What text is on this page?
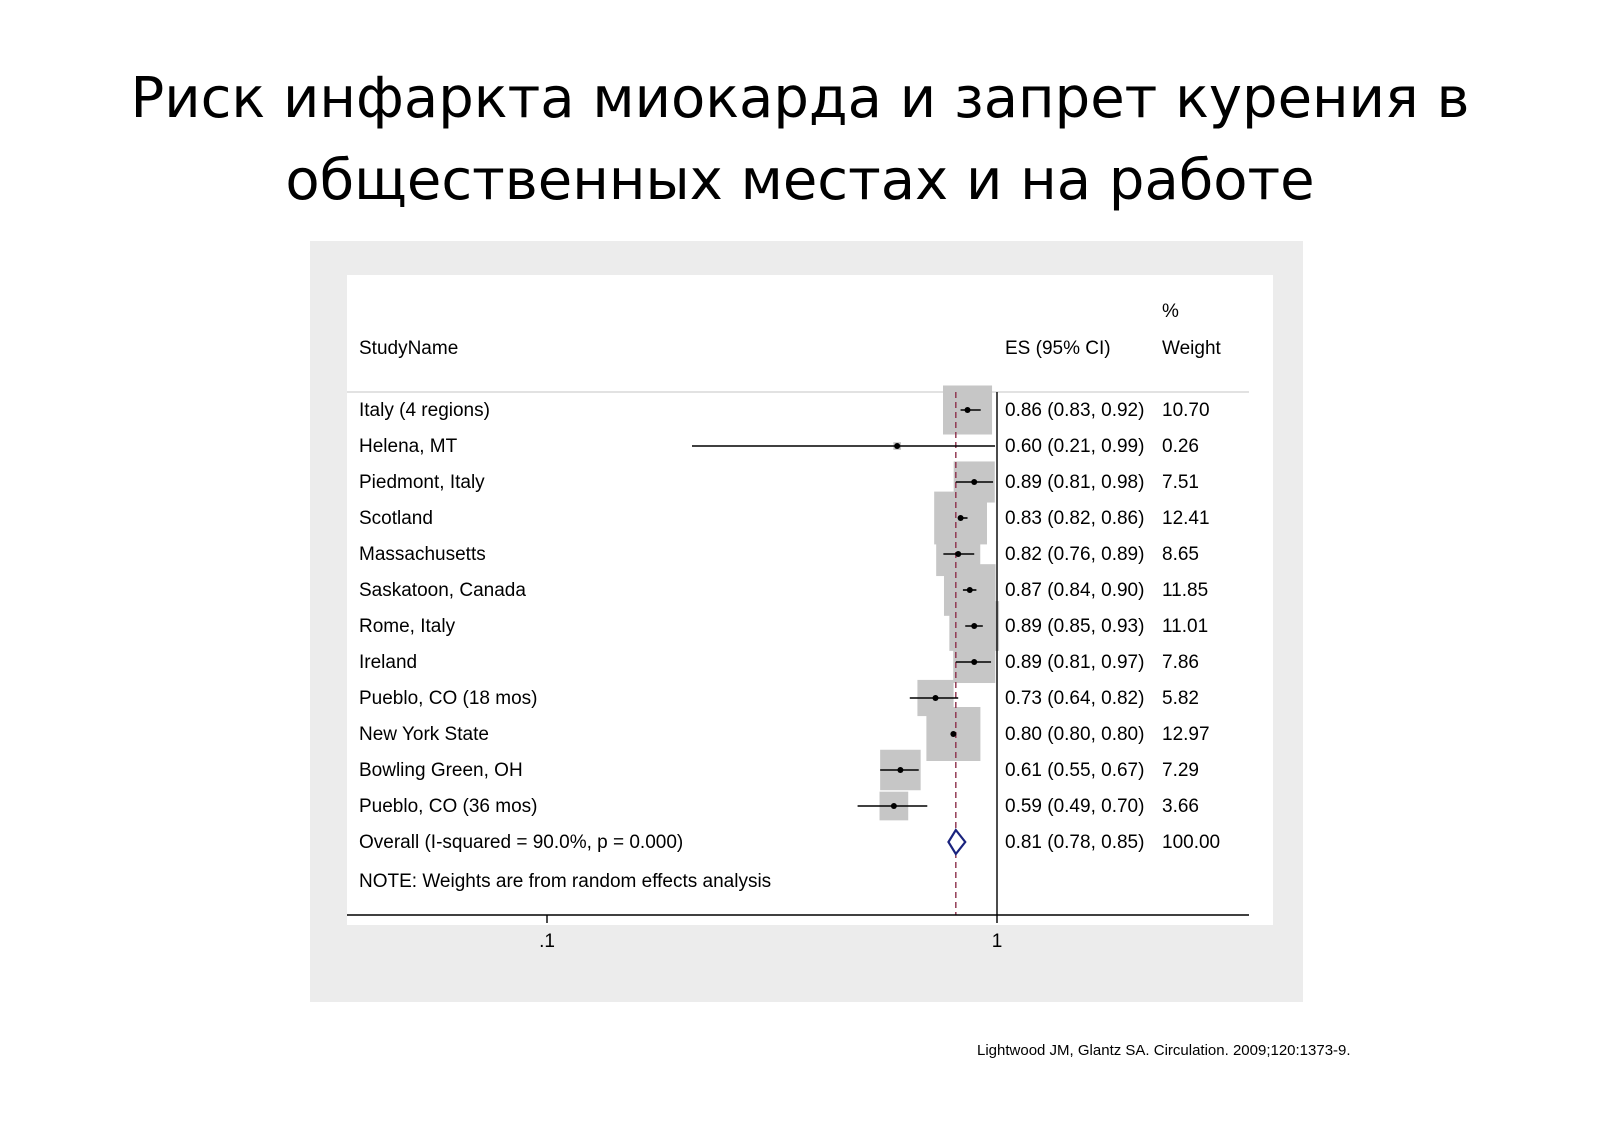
Риск инфаркта миокарда и запрет курения в
общественных местах и на работе
StudyName	ES (95% CI)
%
Weight
Italy (4 regions)	0.86 (0.83, 0.92) 10.70
Helena, MT	0.60 (0.21, 0.99) 0.26
Piedmont, Italy	0.89 (0.81, 0.98) 7.51
Scotland	0.83 (0.82, 0.86) 12.41
Massachusetts	0.82 (0.76, 0.89) 8.65
Saskatoon, Canada	0.87 (0.84, 0.90) 11.85
Rome, Italy	0.89 (0.85, 0.93) 11.01
Ireland	0.89 (0.81, 0.97) 7.86
Pueblo, CO (18 mos)	0.73 (0.64, 0.82) 5.82
New York State	0.80 (0.80, 0.80) 12.97
Bowling Green, OH	0.61 (0.55, 0.67) 7.29
Pueblo, CO (36 mos)	0.59 (0.49, 0.70) 3.66
Overall (I-squared = 90.0%, p = 0.000)	0.81 (0.78, 0.85) 100.00
NOTE: Weights are from random effects analysis
.1	1
Lightwood JM, Glantz SA. Circulation. 2009;120:1373-9.
